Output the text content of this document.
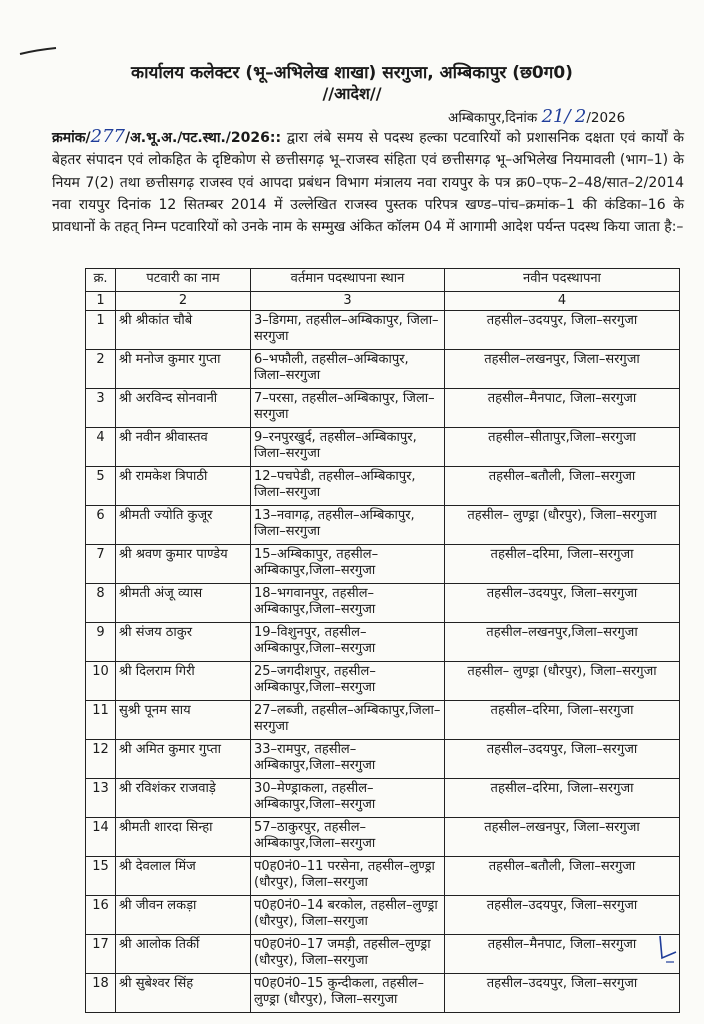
कार्यालय कलेक्टर (भू–अभिलेख शाखा) सरगुजा, अम्बिकापुर (छ0ग0)
//आदेश//
अम्बिकापुर,दिनांक 21/ 2/2026
क्रमांक/277/अ.भू.अ./पट.स्था./2026:: द्वारा लंबे समय से पदस्थ हल्का पटवारियों को प्रशासनिक दक्षता एवं कार्यों के बेहतर संपादन एवं लोकहित के दृष्टिकोण से छत्तीसगढ़ भू–राजस्व संहिता एवं छत्तीसगढ़ भू–अभिलेख नियमावली (भाग–1) के नियम 7(2) तथा छत्तीसगढ़ राजस्व एवं आपदा प्रबंधन विभाग मंत्रालय नवा रायपुर के पत्र क्र0–एफ–2–48/सात–2/2014 नवा रायपुर दिनांक 12 सितम्बर 2014 में उल्लेखित राजस्व पुस्तक परिपत्र खण्ड–पांच–क्रमांक–1 की कंडिका–16 के प्रावधानों के तहत् निम्न पटवारियों को उनके नाम के सम्मुख अंकित कॉलम 04 में आगामी आदेश पर्यन्त पदस्थ किया जाता है:–
क्र.	पटवारी का नाम	वर्तमान पदस्थापना स्थान	नवीन पदस्थापना
1	2	3	4
1	श्री श्रीकांत चौबे	3–डिगमा, तहसील–अम्बिकापुर, जिला–सरगुजा	तहसील–उदयपुर, जिला–सरगुजा
2	श्री मनोज कुमार गुप्ता	6–भफौली, तहसील–अम्बिकापुर, जिला–सरगुजा	तहसील–लखनपुर, जिला–सरगुजा
3	श्री अरविन्द सोनवानी	7–परसा, तहसील–अम्बिकापुर, जिला–सरगुजा	तहसील–मैनपाट, जिला–सरगुजा
4	श्री नवीन श्रीवास्तव	9–रनपुरखुर्द, तहसील–अम्बिकापुर, जिला–सरगुजा	तहसील–सीतापुर,जिला–सरगुजा
5	श्री रामकेश त्रिपाठी	12–पचपेडी, तहसील–अम्बिकापुर, जिला–सरगुजा	तहसील–बतौली, जिला–सरगुजा
6	श्रीमती ज्योति कुजूर	13–नवागढ़, तहसील–अम्बिकापुर, जिला–सरगुजा	तहसील– लुण्ड्रा (धौरपुर), जिला–सरगुजा
7	श्री श्रवण कुमार पाण्डेय	15–अम्बिकापुर, तहसील–अम्बिकापुर,जिला–सरगुजा	तहसील–दरिमा, जिला–सरगुजा
8	श्रीमती अंजू व्यास	18–भगवानपुर, तहसील–अम्बिकापुर,जिला–सरगुजा	तहसील–उदयपुर, जिला–सरगुजा
9	श्री संजय ठाकुर	19–विशुनपुर, तहसील–अम्बिकापुर,जिला–सरगुजा	तहसील–लखनपुर,जिला–सरगुजा
10	श्री दिलराम गिरी	25–जगदीशपुर, तहसील–अम्बिकापुर,जिला–सरगुजा	तहसील– लुण्ड्रा (धौरपुर), जिला–सरगुजा
11	सुश्री पूनम साय	27–लब्जी, तहसील–अम्बिकापुर,जिला–सरगुजा	तहसील–दरिमा, जिला–सरगुजा
12	श्री अमित कुमार गुप्ता	33–रामपुर, तहसील–अम्बिकापुर,जिला–सरगुजा	तहसील–उदयपुर, जिला–सरगुजा
13	श्री रविशंकर राजवाड़े	30–मेण्ड्राकला, तहसील–अम्बिकापुर,जिला–सरगुजा	तहसील–दरिमा, जिला–सरगुजा
14	श्रीमती शारदा सिन्हा	57–ठाकुरपुर, तहसील–अम्बिकापुर,जिला–सरगुजा	तहसील–लखनपुर, जिला–सरगुजा
15	श्री देवलाल मिंज	प0ह0नं0–11 परसेना, तहसील–लुण्ड्रा (धौरपुर), जिला–सरगुजा	तहसील–बतौली, जिला–सरगुजा
16	श्री जीवन लकड़ा	प0ह0नं0–14 बरकोल, तहसील–लुण्ड्रा (धौरपुर), जिला–सरगुजा	तहसील–उदयपुर, जिला–सरगुजा
17	श्री आलोक तिर्की	प0ह0नं0–17 जमड़ी, तहसील–लुण्ड्रा (धौरपुर), जिला–सरगुजा	तहसील–मैनपाट, जिला–सरगुजा
18	श्री सुबेश्वर सिंह	प0ह0नं0–15 कुन्दीकला, तहसील–लुण्ड्रा (धौरपुर), जिला–सरगुजा	तहसील–उदयपुर, जिला–सरगुजा
